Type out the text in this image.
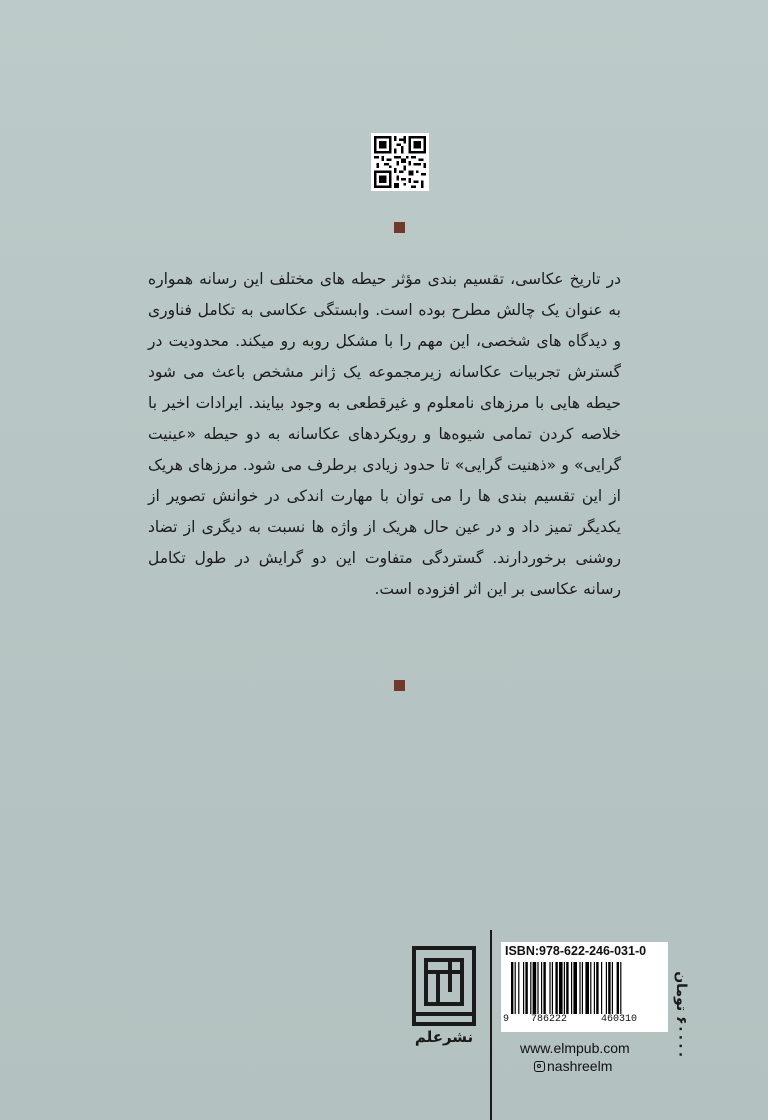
در تاریخ عکاسی، تقسیم بندی مؤثر حیطه های مختلف این رسانه همواره به عنوان یک چالش مطرح بوده است. وابستگی عکاسی به تکامل فناوری و دیدگاه های شخصی، این مهم را با مشکل روبه رو میکند. محدودیت در گسترش تجربیات عکاسانه زیرمجموعه یک ژانر مشخص باعث می شود حیطه هایی با مرزهای نامعلوم و غیرقطعی به وجود بیایند. ایرادات اخیر با خلاصه کردن تمامی شیوه‌ها و رویکردهای عکاسانه به دو حیطه «عینیت گرایی» و «ذهنیت گرایی» تا حدود زیادی برطرف می شود. مرزهای هریک از این تقسیم بندی ها را می توان با مهارت اندکی در خوانش تصویر از یکدیگر تمیز داد و در عین حال هریک از واژه ها نسبت به دیگری از تضاد روشنی برخوردارند. گستردگی متفاوت این دو گرایش در طول تکامل رسانه عکاسی بر این اثر افزوده است.

نشرعلم
ISBN:978-622-246-031-0
9 786222	460310
www.elmpub.com
nashreelm
۶۰۰۰۰ تومان
